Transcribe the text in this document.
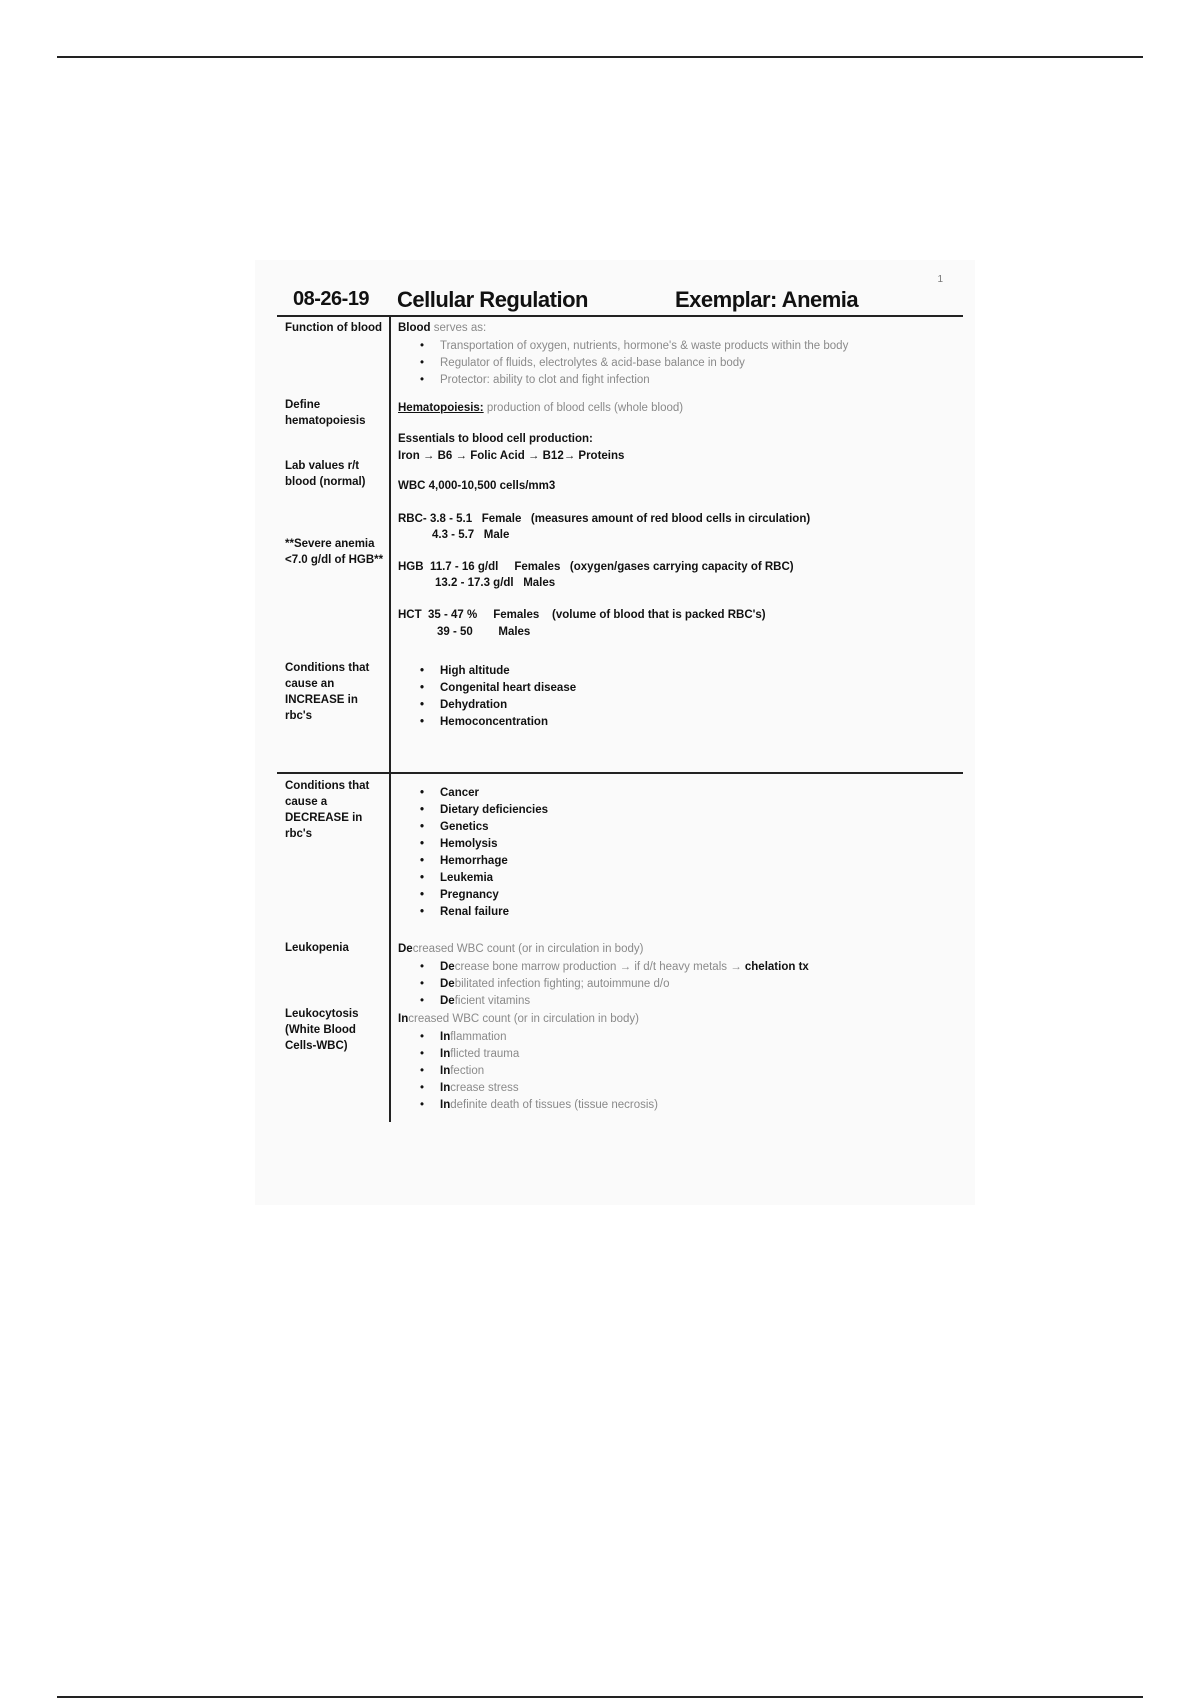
1
08-26-19 Cellular Regulation	Exemplar: Anemia
Function of blood
Define hematopoiesis
Lab values r/t blood (normal)
**Severe anemia <7.0 g/dl of HGB**
Conditions that cause an INCREASE in rbc's
Conditions that cause a DECREASE in rbc's
Leukopenia
Leukocytosis (White Blood Cells-WBC)
Blood serves as:
• Transportation of oxygen, nutrients, hormone's & waste products within the body
• Regulator of fluids, electrolytes & acid-base balance in body
• Protector: ability to clot and fight infection
Hematopoiesis: production of blood cells (whole blood)
Essentials to blood cell production:
Iron → B6 → Folic Acid → B12→ Proteins
WBC 4,000-10,500 cells/mm3
RBC- 3.8 - 5.1   Female   (measures amount of red blood cells in circulation)
4.3 - 5.7   Male
HGB  11.7 - 16 g/dl     Females   (oxygen/gases carrying capacity of RBC)
13.2 - 17.3 g/dl   Males
HCT  35 - 47 %     Females    (volume of blood that is packed RBC's)
39 - 50        Males
• High altitude
• Congenital heart disease
• Dehydration
• Hemoconcentration
• Cancer
• Dietary deficiencies
• Genetics
• Hemolysis
• Hemorrhage
• Leukemia
• Pregnancy
• Renal failure
Decreased WBC count (or in circulation in body)
• Decrease bone marrow production → if d/t heavy metals → chelation tx
• Debilitated infection fighting; autoimmune d/o
• Deficient vitamins
Increased WBC count (or in circulation in body)
• Inflammation
• Inflicted trauma
• Infection
• Increase stress
• Indefinite death of tissues (tissue necrosis)
